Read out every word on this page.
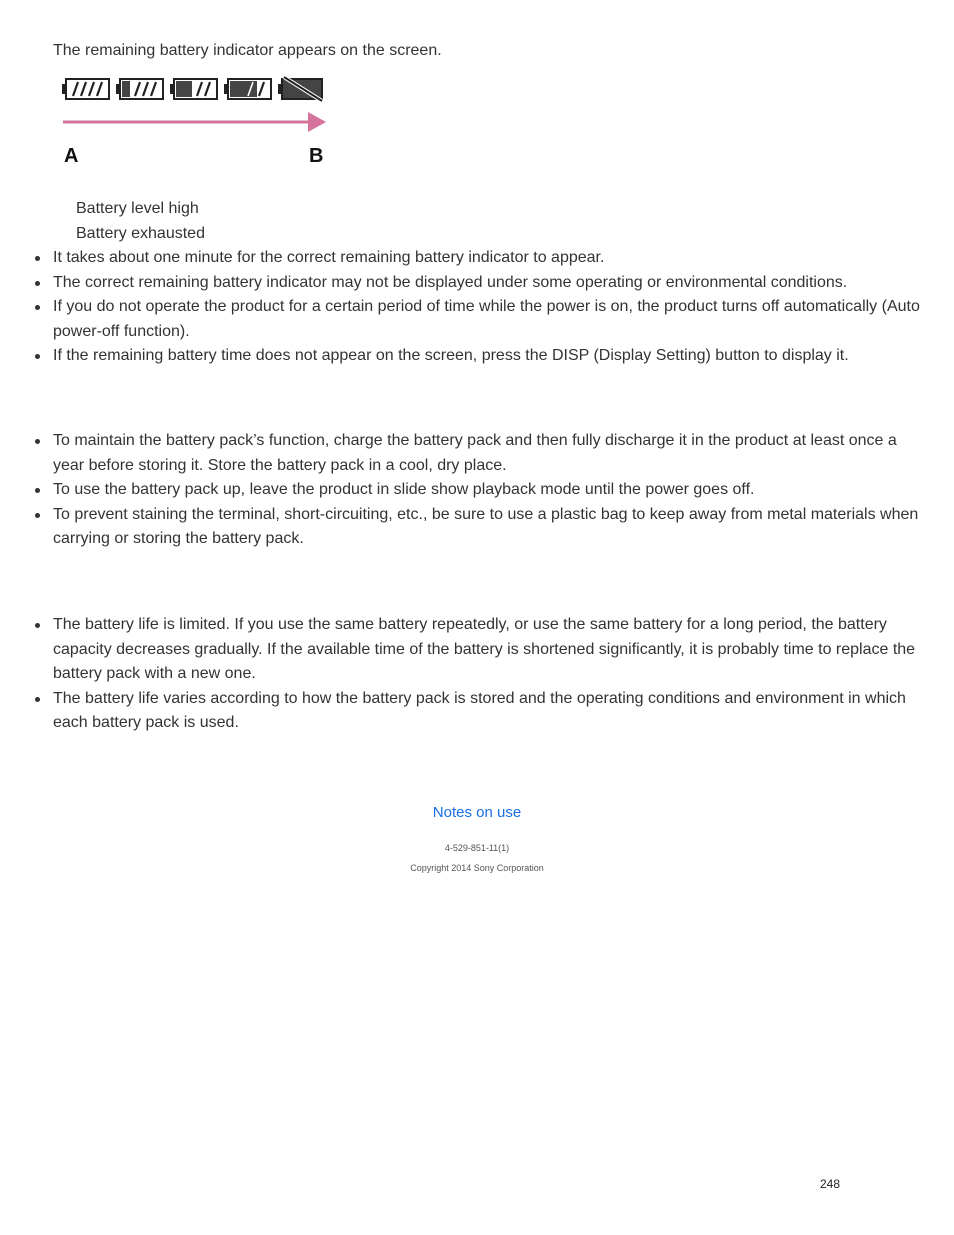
The remaining battery indicator appears on the screen.

A	B
Battery level high
Battery exhausted
It takes about one minute for the correct remaining battery indicator to appear.
The correct remaining battery indicator may not be displayed under some operating or environmental conditions.
If you do not operate the product for a certain period of time while the power is on, the product turns off automatically (Auto power-off function).
If the remaining battery time does not appear on the screen, press the DISP (Display Setting) button to display it.
To maintain the battery pack’s function, charge the battery pack and then fully discharge it in the product at least once a year before storing it. Store the battery pack in a cool, dry place.
To use the battery pack up, leave the product in slide show playback mode until the power goes off.
To prevent staining the terminal, short-circuiting, etc., be sure to use a plastic bag to keep away from metal materials when carrying or storing the battery pack.
The battery life is limited. If you use the same battery repeatedly, or use the same battery for a long period, the battery capacity decreases gradually. If the available time of the battery is shortened significantly, it is probably time to replace the battery pack with a new one.
The battery life varies according to how the battery pack is stored and the operating conditions and environment in which each battery pack is used.
Notes on use
4-529-851-11(1)
Copyright 2014 Sony Corporation
248
